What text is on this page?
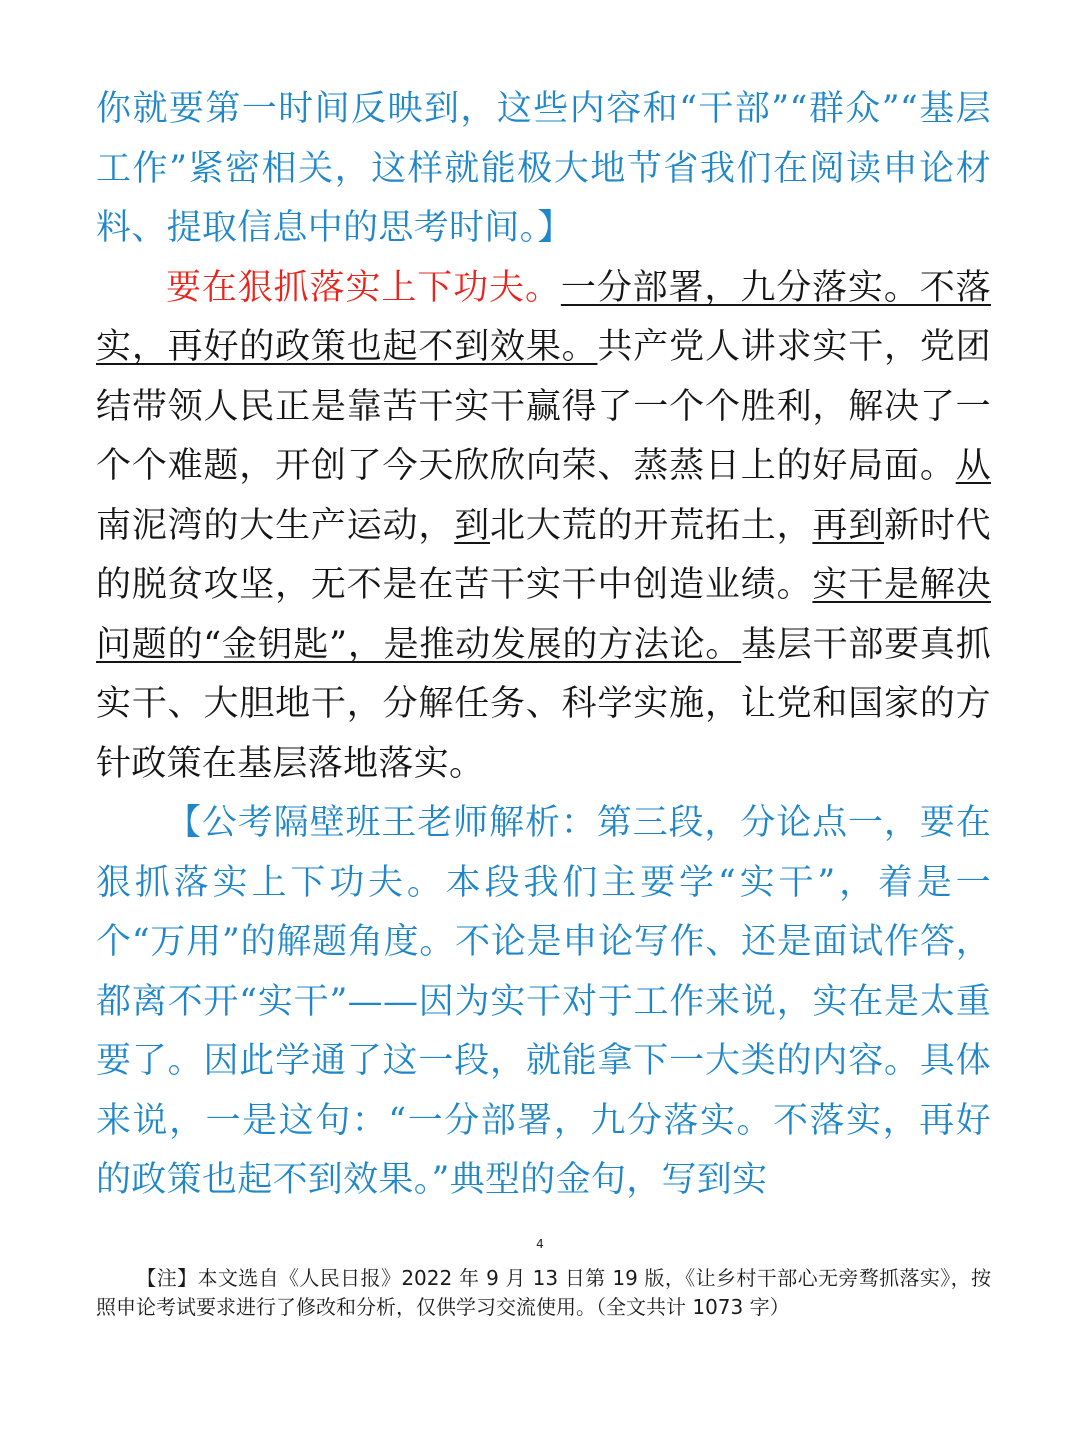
你就要第一时间反映到，这些内容和“干部”“群众”“基层工作”紧密相关，这样就能极大地节省我们在阅读申论材料、提取信息中的思考时间。】

要在狠抓落实上下功夫。一分部署，九分落实。不落实，再好的政策也起不到效果。共产党人讲求实干，党团结带领人民正是靠苦干实干赢得了一个个胜利，解决了一个个难题，开创了今天欣欣向荣、蒸蒸日上的好局面。从南泥湾的大生产运动，到北大荒的开荒拓土，再到新时代的脱贫攻坚，无不是在苦干实干中创造业绩。实干是解决问题的“金钥匙”，是推动发展的方法论。基层干部要真抓实干、大胆地干，分解任务、科学实施，让党和国家的方针政策在基层落地落实。

【公考隔壁班王老师解析：第三段，分论点一，要在狠抓落实上下功夫。本段我们主要学“实干”，着是一个“万用”的解题角度。不论是申论写作、还是面试作答，都离不开“实干”——因为实干对于工作来说，实在是太重要了。因此学通了这一段，就能拿下一大类的内容。具体来说，一是这句：“一分部署，九分落实。不落实，再好的政策也起不到效果。”典型的金句，写到实

4
【注】本文选自《人民日报》2022 年 9 月 13 日第 19 版，《让乡村干部心无旁骛抓落实》，按照申论考试要求进行了修改和分析，仅供学习交流使用。（全文共计 1073 字）
